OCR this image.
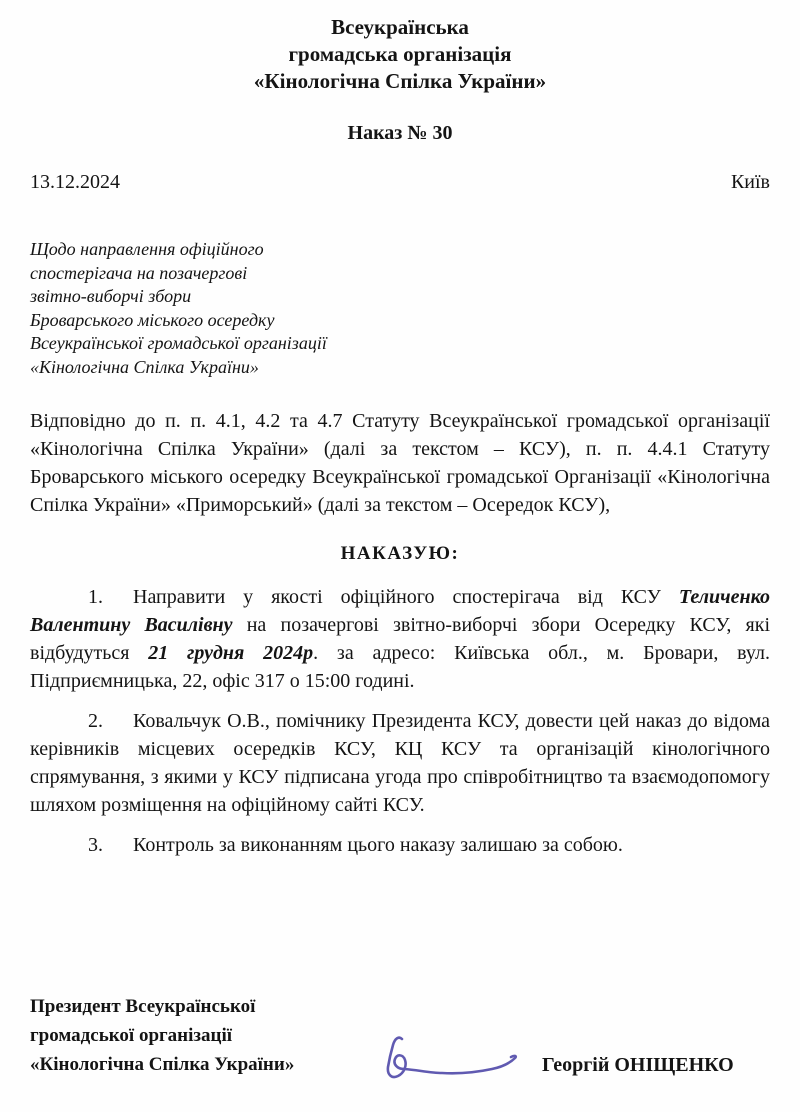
Всеукраїнська
громадська організація
«Кінологічна Спілка України»
Наказ № 30
13.12.2024	Київ
Щодо направлення офіційного
спостерігача на позачергові
звітно-виборчі збори
Броварського міського осередку
Всеукраїнської громадської організації
«Кінологічна Спілка України»
Відповідно до п. п. 4.1, 4.2 та 4.7 Статуту Всеукраїнської громадської організації «Кінологічна Спілка України» (далі за текстом – КСУ), п. п. 4.4.1 Статуту Броварського міського осередку Всеукраїнської громадської Організації «Кінологічна Спілка України» «Приморський» (далі за текстом – Осередок КСУ),
НАКАЗУЮ:

1. Направити у якості офіційного спостерігача від КСУ Теличенко Валентину Василівну на позачергові звітно-виборчі збори Осередку КСУ, які відбудуться 21 грудня 2024р. за адресо: Київська обл., м. Бровари, вул. Підприємницька, 22, офіс 317 о 15:00 годині.

2. Ковальчук О.В., помічнику Президента КСУ, довести цей наказ до відома керівників місцевих осередків КСУ, КЦ КСУ та організацій кінологічного спрямування, з якими у КСУ підписана угода про співробітництво та взаємодопомогу шляхом розміщення на офіційному сайті КСУ.

3. Контроль за виконанням цього наказу залишаю за собою.

Президент Всеукраїнської
громадської організації
«Кінологічна Спілка України»	Георгій ОНІЩЕНКО
